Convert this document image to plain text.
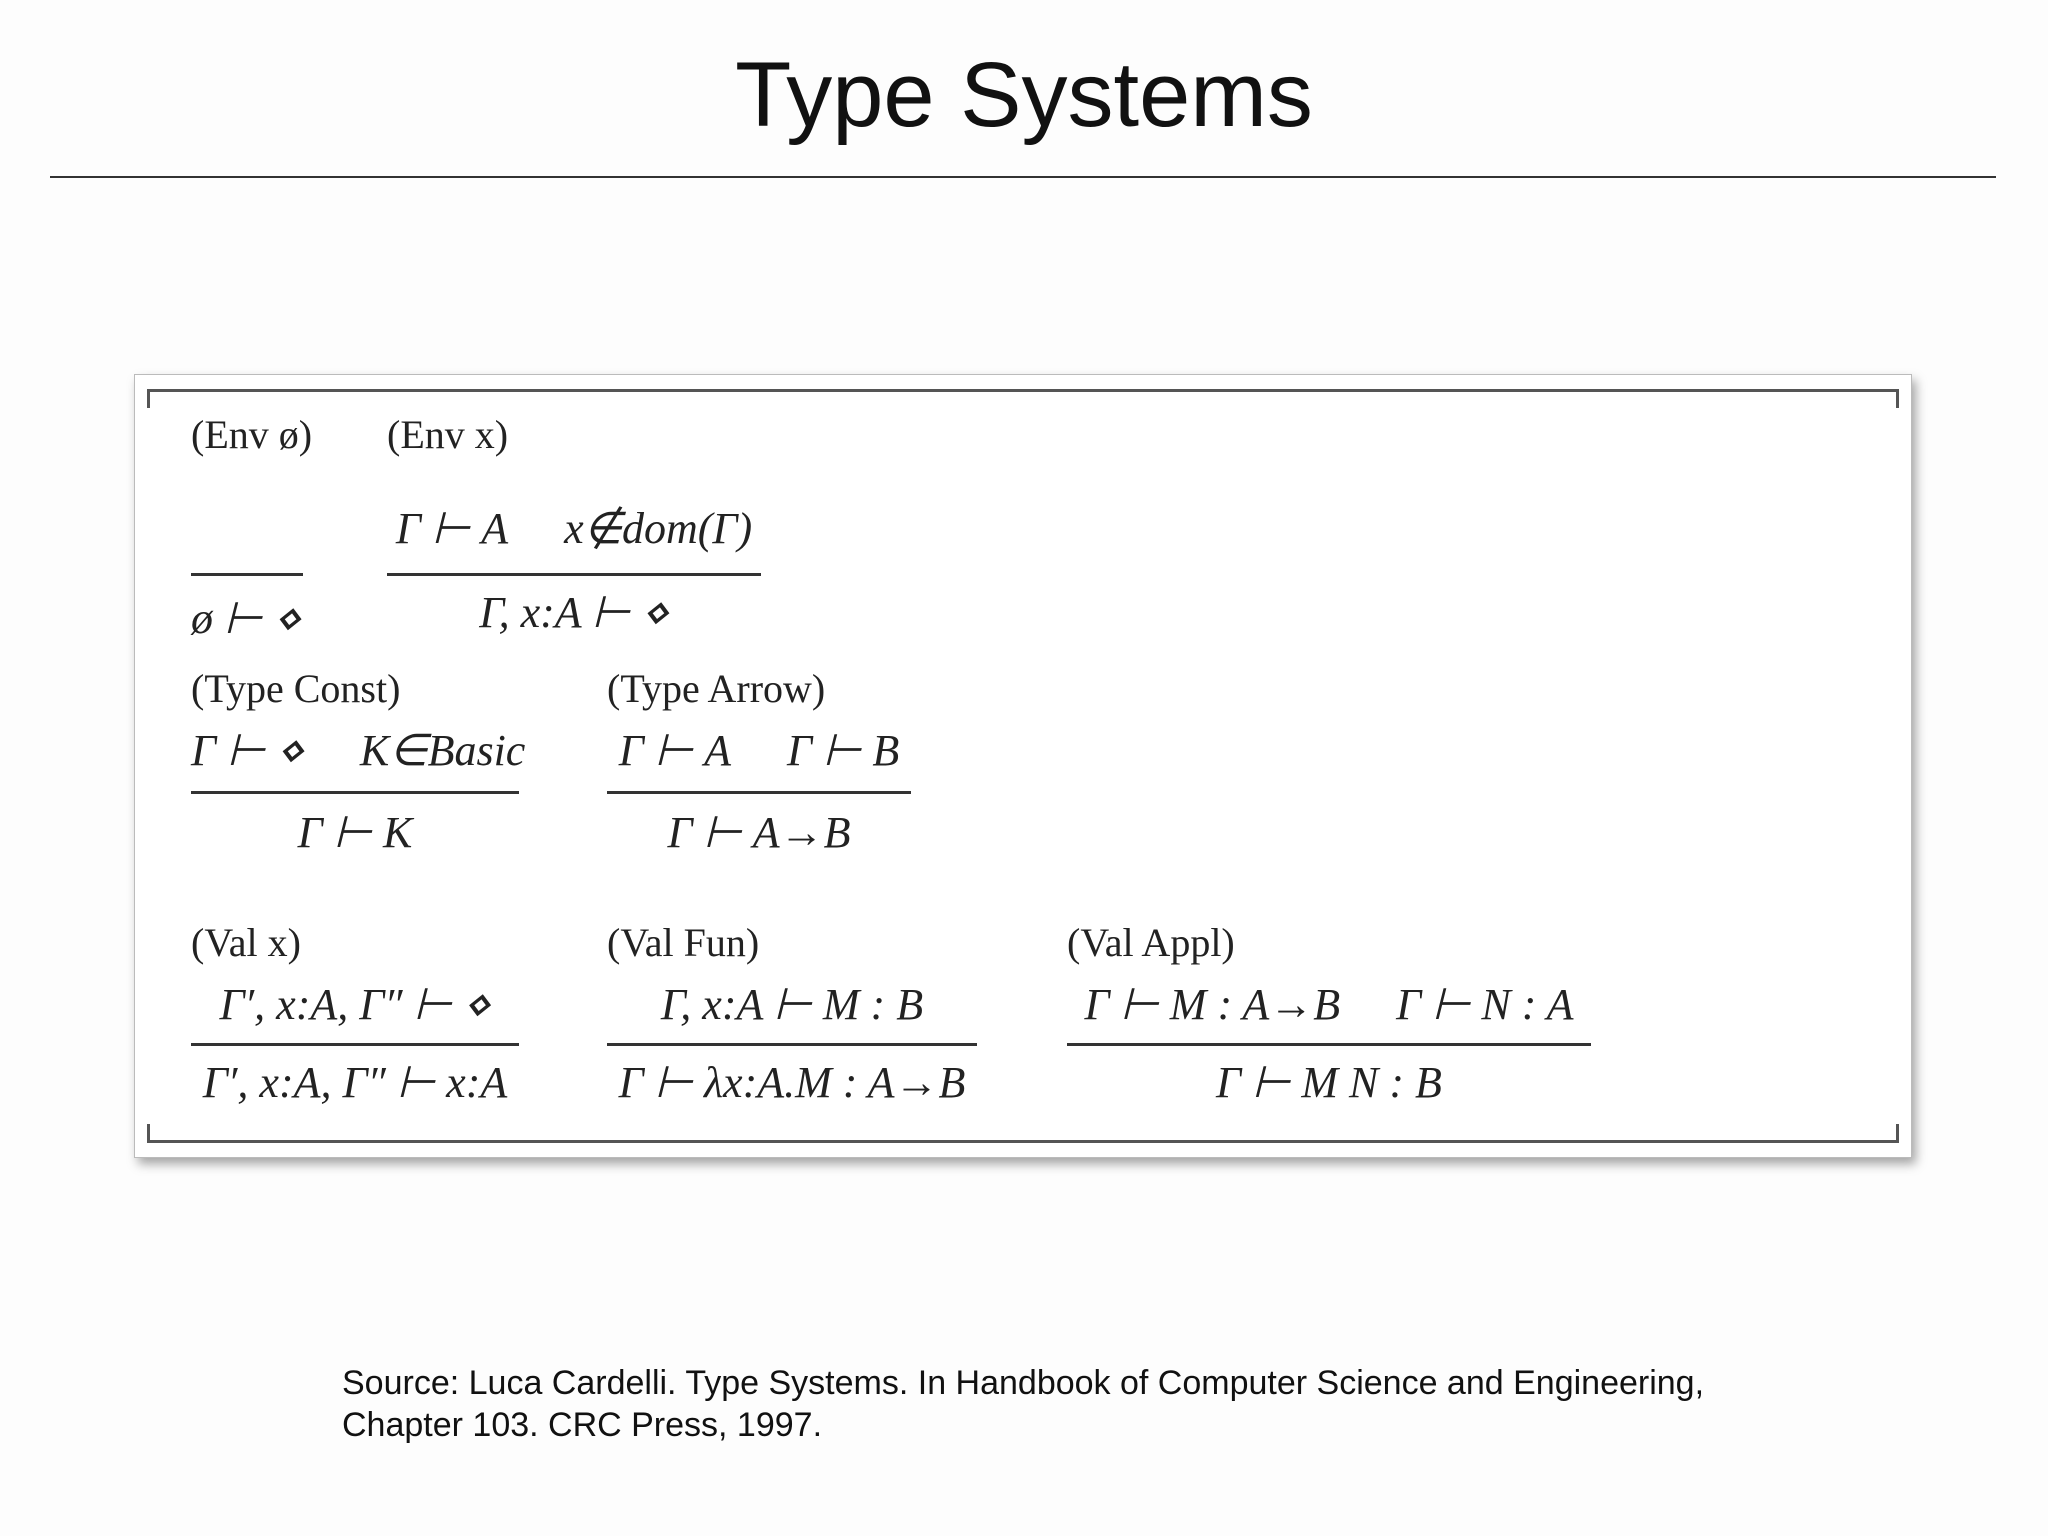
Type Systems
(Env ø)
ø ⊢ ⋄
(Env x)
Γ ⊢ A x∉dom(Γ)
Γ, x:A ⊢ ⋄
(Type Const)
Γ ⊢ ⋄ K∈Basic
Γ ⊢ K
(Type Arrow)
Γ ⊢ A Γ ⊢ B
Γ ⊢ A→B
(Val x)
Γ′, x:A, Γ″ ⊢ ⋄
Γ′, x:A, Γ″ ⊢ x:A
(Val Fun)
Γ, x:A ⊢ M : B
Γ ⊢ λx:A.M : A→B
(Val Appl)
Γ ⊢ M : A→B Γ ⊢ N : A
Γ ⊢ M N : B
Source: Luca Cardelli. Type Systems. In Handbook of Computer Science and Engineering,
Chapter 103. CRC Press, 1997.
